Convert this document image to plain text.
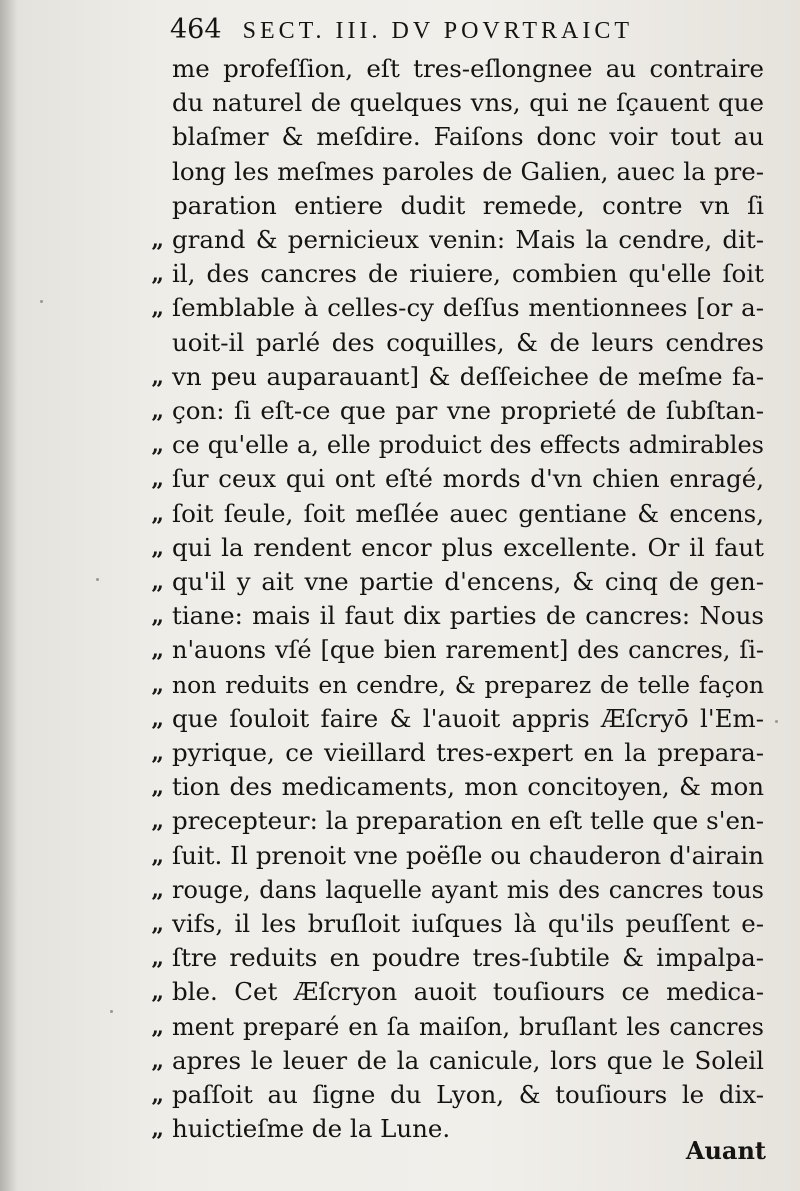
464 SECT. III. DV POVRTRAICT
me profeſſion, eſt tres-eſlongnee au contraire
du naturel de quelques vns, qui ne ſçauent que
blaſmer & meſdire. Faiſons donc voir tout au
long les meſmes paroles de Galien, auec la pre-
paration entiere dudit remede, contre vn ſi
„ grand & pernicieux venin: Mais la cendre, dit-
„ il, des cancres de riuiere, combien qu'elle ſoit
„ ſemblable à celles-cy deſſus mentionnees [or a-
uoit-il parlé des coquilles, & de leurs cendres
„ vn peu auparauant] & deſſeichee de meſme fa-
„ çon: ſi eſt-ce que par vne proprieté de ſubſtan-
„ ce qu'elle a, elle produict des effects admirables
„ ſur ceux qui ont eſté mords d'vn chien enragé,
„ ſoit ſeule, ſoit meſlée auec gentiane & encens,
„ qui la rendent encor plus excellente. Or il faut
„ qu'il y ait vne partie d'encens, & cinq de gen-
„ tiane: mais il faut dix parties de cancres: Nous
„ n'auons vſé [que bien rarement] des cancres, ſi-
„ non reduits en cendre, & preparez de telle façon
„ que ſouloit faire & l'auoit appris Æſcryō l'Em-
„ pyrique, ce vieillard tres-expert en la prepara-
„ tion des medicaments, mon concitoyen, & mon
„ precepteur: la preparation en eſt telle que s'en-
„ ſuit. Il prenoit vne poëſle ou chauderon d'airain
„ rouge, dans laquelle ayant mis des cancres tous
„ vifs, il les bruſloit iuſques là qu'ils peuſſent e-
„ ſtre reduits en poudre tres-ſubtile & impalpa-
„ ble. Cet Æſcryon auoit touſiours ce medica-
„ ment preparé en ſa maiſon, bruſlant les cancres
„ apres le leuer de la canicule, lors que le Soleil
„ paſſoit au ſigne du Lyon, & touſiours le dix-
„ huictieſme de la Lune.
Auant
